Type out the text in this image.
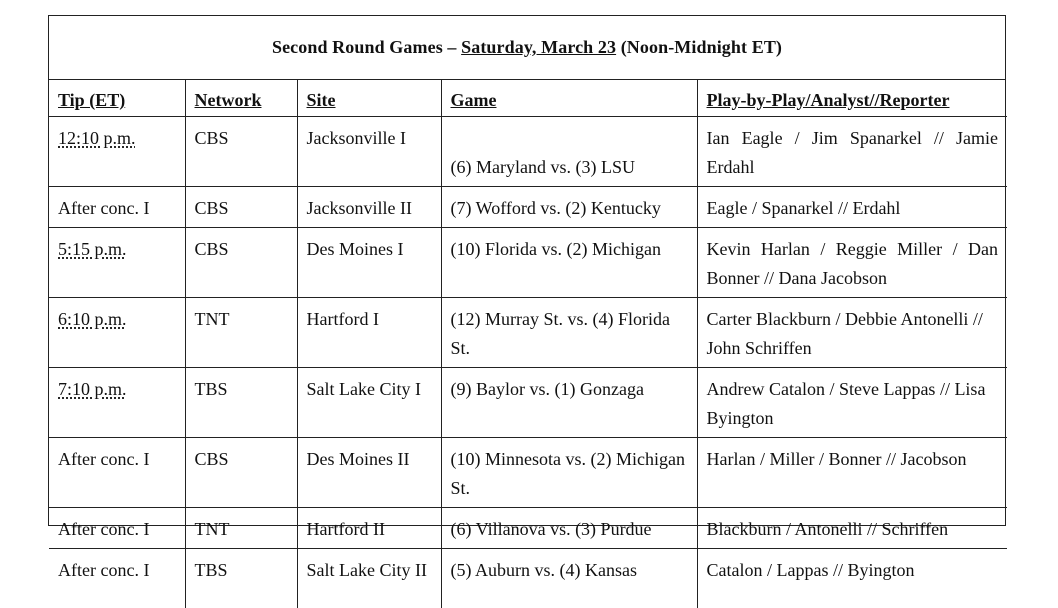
Second Round Games – Saturday, March 23 (Noon-Midnight ET)
Tip (ET)	Network	Site	Game	Play-by-Play/Analyst//Reporter
12:10 p.m.	CBS	Jacksonville I	(6) Maryland vs. (3) LSU	Ian Eagle / Jim Spanarkel // Jamie Erdahl
After conc. I	CBS	Jacksonville II	(7) Wofford vs. (2) Kentucky	Eagle / Spanarkel // Erdahl
5:15 p.m.	CBS	Des Moines I	(10) Florida vs. (2) Michigan	Kevin Harlan / Reggie Miller / Dan Bonner // Dana Jacobson
6:10 p.m.	TNT	Hartford I	(12) Murray St. vs. (4) Florida St.	Carter Blackburn / Debbie Antonelli // John Schriffen
7:10 p.m.	TBS	Salt Lake City I	(9) Baylor vs. (1) Gonzaga	Andrew Catalon / Steve Lappas // Lisa Byington
After conc. I	CBS	Des Moines II	(10) Minnesota vs. (2) Michigan St.	Harlan / Miller / Bonner // Jacobson
After conc. I	TNT	Hartford II	(6) Villanova vs. (3) Purdue	Blackburn / Antonelli // Schriffen
After conc. I	TBS	Salt Lake City II	(5) Auburn vs. (4) Kansas	Catalon / Lappas // Byington
